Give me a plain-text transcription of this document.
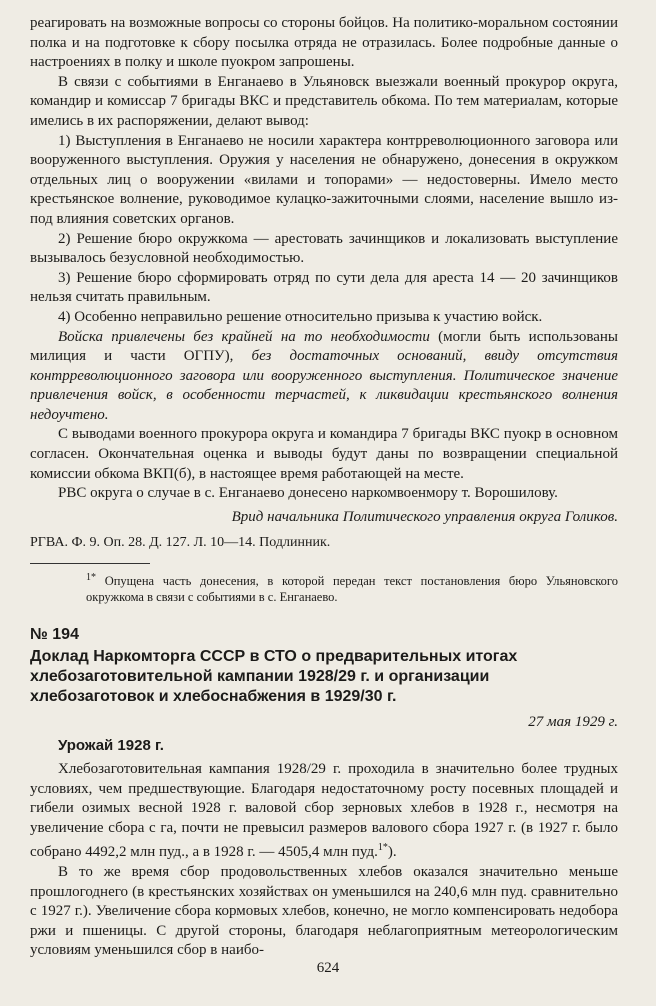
реагировать на возможные вопросы со стороны бойцов. На политико-моральном состоянии полка и на подготовке к сбору посылка отряда не отразилась. Более подробные данные о настроениях в полку и школе пуокром запрошены.

В связи с событиями в Енганаево в Ульяновск выезжали военный прокурор округа, командир и комиссар 7 бригады ВКС и представитель обкома. По тем материалам, которые имелись в их распоряжении, делают вывод:

1) Выступления в Енганаево не носили характера контрреволюционного заговора или вооруженного выступления. Оружия у населения не обнаружено, донесения в окружком отдельных лиц о вооружении «вилами и топорами» — недостоверны. Имело место крестьянское волнение, руководимое кулацко-зажиточными слоями, население вышло из-под влияния советских органов.

2) Решение бюро окружкома — арестовать зачинщиков и локализовать выступление вызывалось безусловной необходимостью.

3) Решение бюро сформировать отряд по сути дела для ареста 14 — 20 зачинщиков нельзя считать правильным.

4) Особенно неправильно решение относительно призыва к участию войск.

Войска привлечены без крайней на то необходимости (могли быть использованы милиция и части ОГПУ), без достаточных оснований, ввиду отсутствия контрреволюционного заговора или вооруженного выступления. Политическое значение привлечения войск, в особенности терчастей, к ликвидации крестьянского волнения недоучтено.

С выводами военного прокурора округа и командира 7 бригады ВКС пуокр в основном согласен. Окончательная оценка и выводы будут даны по возвращении специальной комиссии обкома ВКП(б), в настоящее время работающей на месте.

РВС округа о случае в с. Енганаево донесено наркомвоенмору т. Ворошилову.

Врид начальника Политического управления округа Голиков.

РГВА. Ф. 9. Оп. 28. Д. 127. Л. 10—14. Подлинник.

$^{1*}$ Опущена часть донесения, в которой передан текст постановления бюро Ульяновского окружкома в связи с событиями в с. Енганаево.

№ 194

Доклад Наркомторга СССР в СТО о предварительных итогах хлебозаготовительной кампании 1928/29 г. и организации хлебозаготовок и хлебоснабжения в 1929/30 г.

27 мая 1929 г.

Урожай 1928 г.

Хлебозаготовительная кампания 1928/29 г. проходила в значительно более трудных условиях, чем предшествующие. Благодаря недостаточному росту посевных площадей и гибели озимых весной 1928 г. валовой сбор зерновых хлебов в 1928 г., несмотря на увеличение сбора с га, почти не превысил размеров валового сбора 1927 г. (в 1927 г. было собрано 4492,2 млн пуд., а в 1928 г. — 4505,4 млн пуд.$^{1*}$).

В то же время сбор продовольственных хлебов оказался значительно меньше прошлогоднего (в крестьянских хозяйствах он уменьшился на 240,6 млн пуд. сравнительно с 1927 г.). Увеличение сбора кормовых хлебов, конечно, не могло компенсировать недобора ржи и пшеницы. С другой стороны, благодаря неблагоприятным метеорологическим условиям уменьшился сбор в наибо-

624
